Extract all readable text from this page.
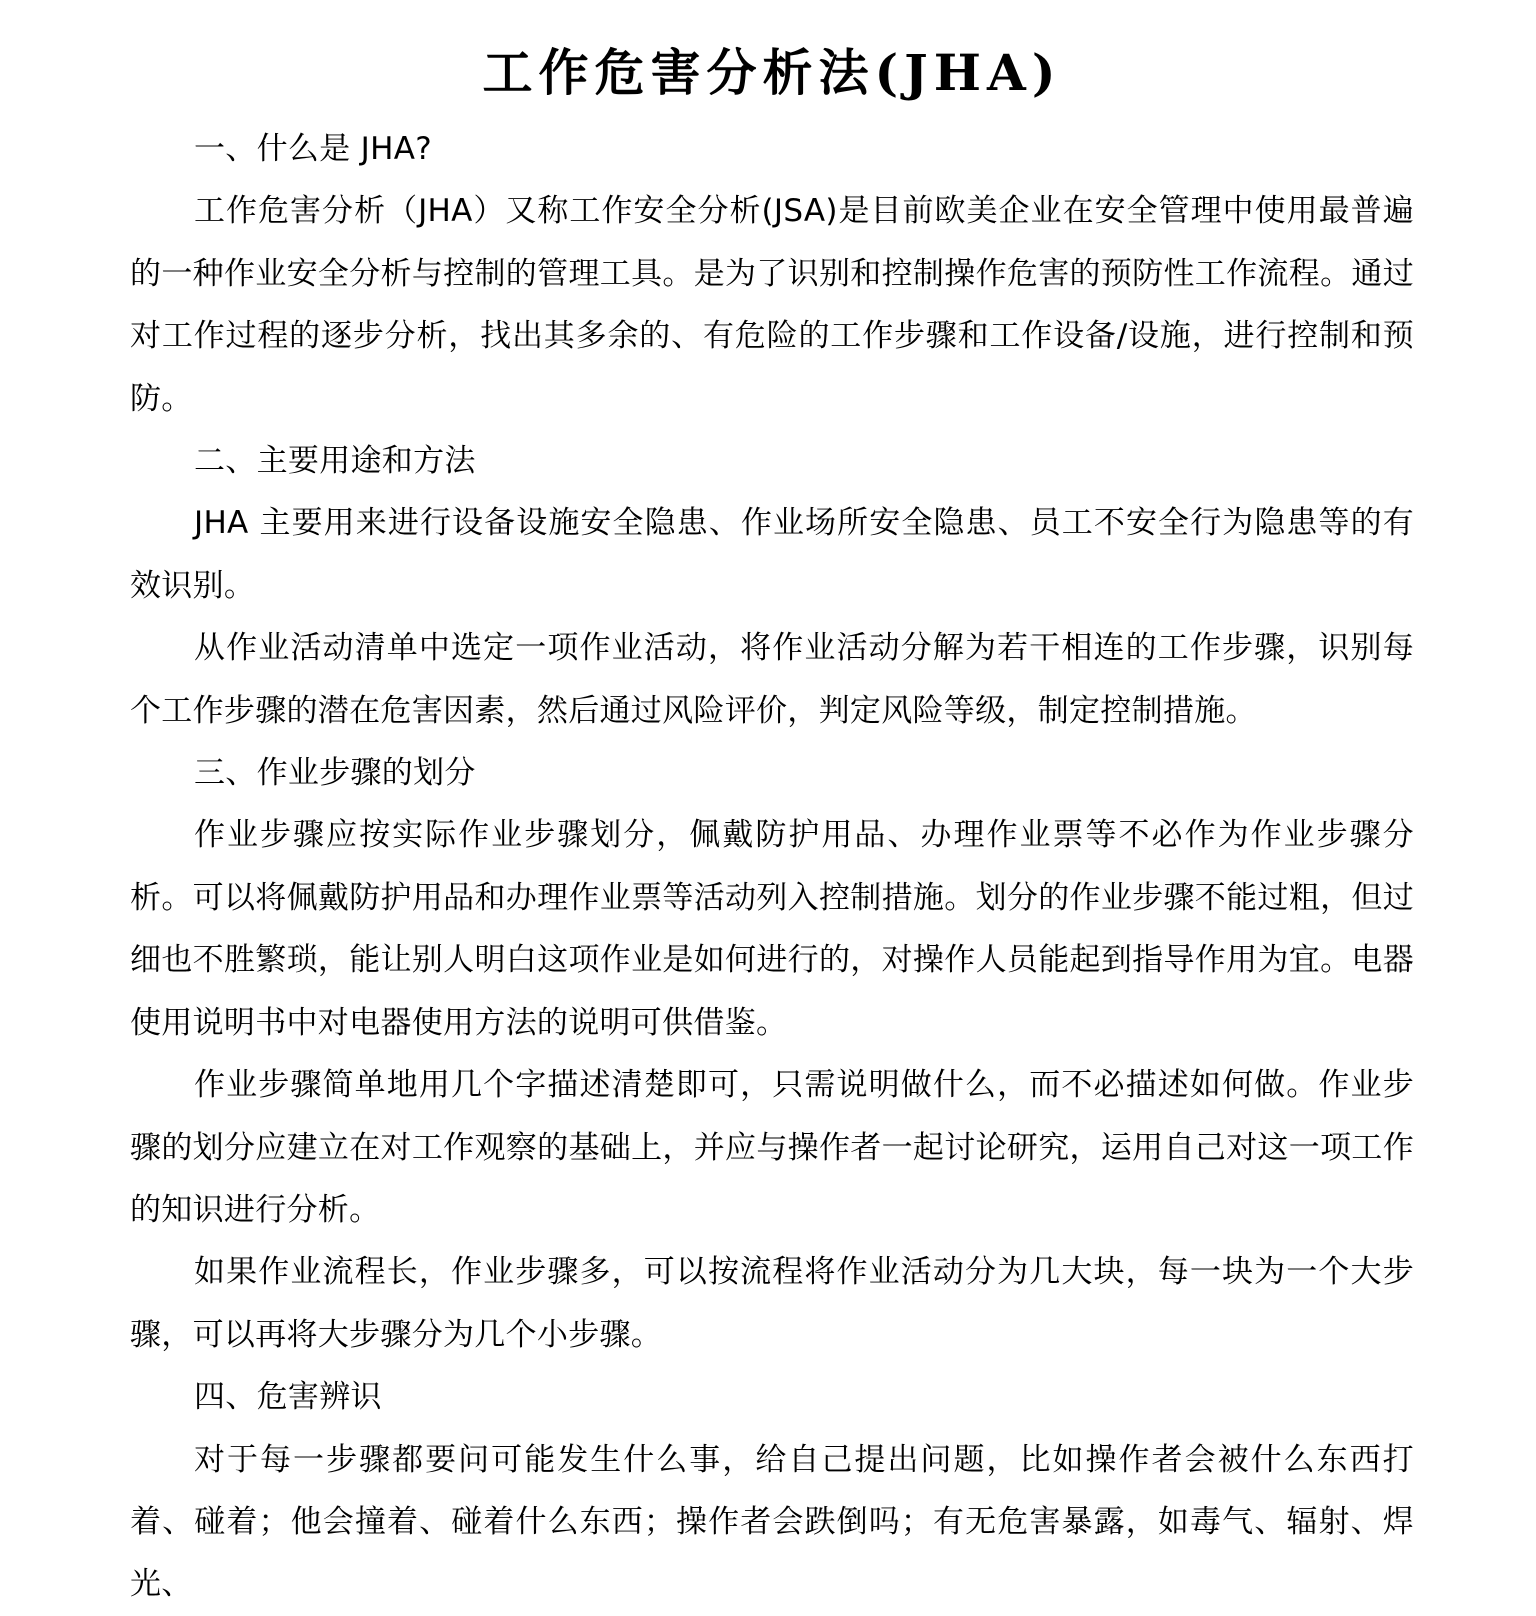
工作危害分析法(JHA)
一、什么是 JHA?

工作危害分析（JHA）又称工作安全分析(JSA)是目前欧美企业在安全管理中使用最普遍的一种作业安全分析与控制的管理工具。是为了识别和控制操作危害的预防性工作流程。通过对工作过程的逐步分析，找出其多余的、有危险的工作步骤和工作设备/设施，进行控制和预防。

二、主要用途和方法

JHA 主要用来进行设备设施安全隐患、作业场所安全隐患、员工不安全行为隐患等的有效识别。

从作业活动清单中选定一项作业活动，将作业活动分解为若干相连的工作步骤，识别每个工作步骤的潜在危害因素，然后通过风险评价，判定风险等级，制定控制措施。

三、作业步骤的划分

作业步骤应按实际作业步骤划分，佩戴防护用品、办理作业票等不必作为作业步骤分析。可以将佩戴防护用品和办理作业票等活动列入控制措施。划分的作业步骤不能过粗，但过细也不胜繁琐，能让别人明白这项作业是如何进行的，对操作人员能起到指导作用为宜。电器使用说明书中对电器使用方法的说明可供借鉴。

作业步骤简单地用几个字描述清楚即可，只需说明做什么，而不必描述如何做。作业步骤的划分应建立在对工作观察的基础上，并应与操作者一起讨论研究，运用自己对这一项工作的知识进行分析。

如果作业流程长，作业步骤多，可以按流程将作业活动分为几大块，每一块为一个大步骤，可以再将大步骤分为几个小步骤。

四、危害辨识

对于每一步骤都要问可能发生什么事，给自己提出问题，比如操作者会被什么东西打着、碰着；他会撞着、碰着什么东西；操作者会跌倒吗；有无危害暴露，如毒气、辐射、焊光、
